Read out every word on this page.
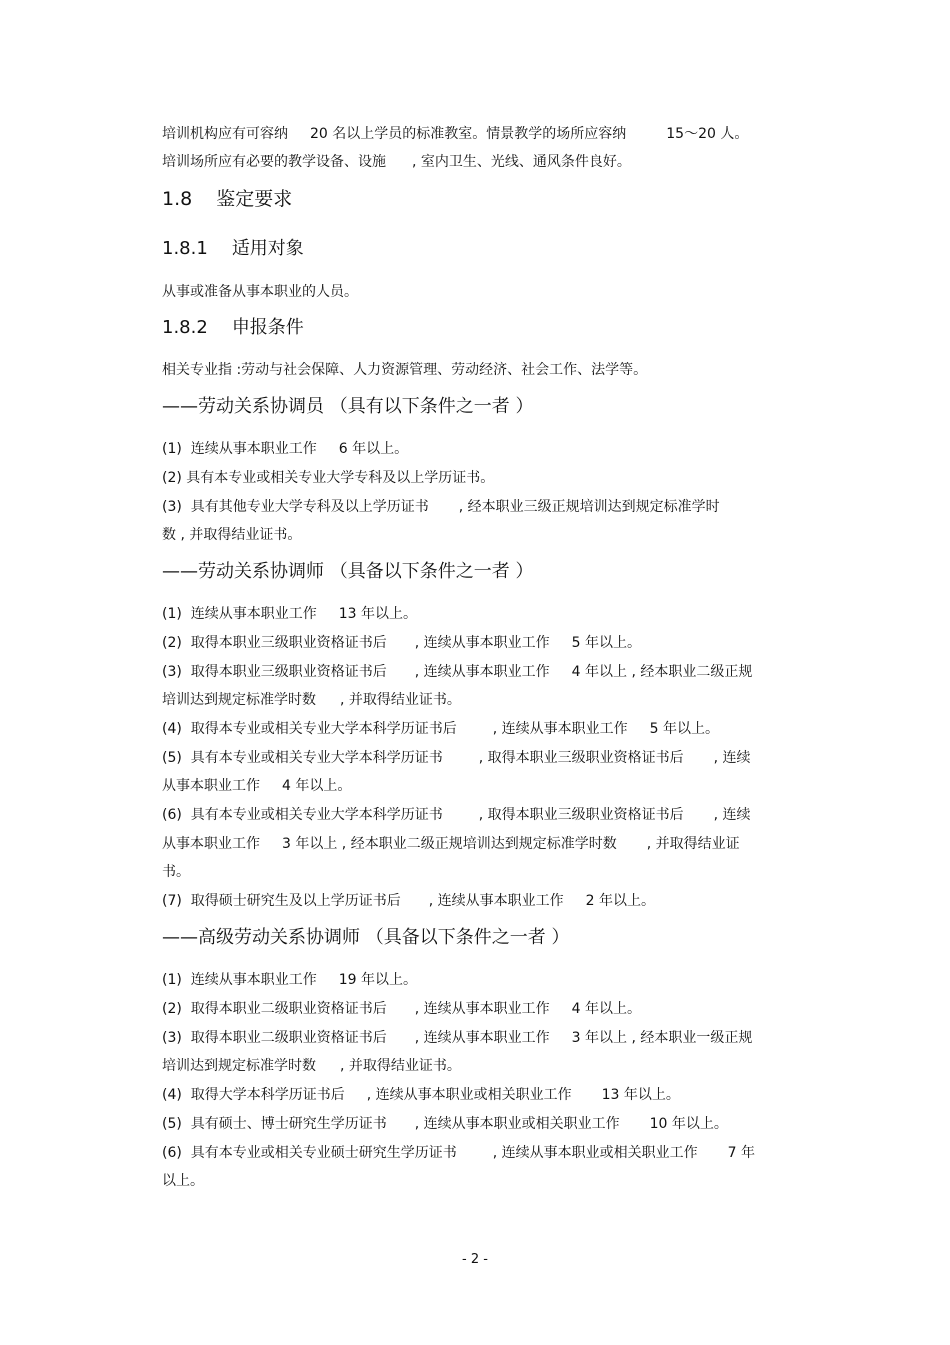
培训机构应有可容纳 20 名以上学员的标准教室。情景教学的场所应容纳	15～20 人。
培训场所应有必要的教学设备、设施 , 室内卫生、光线、通风条件良好。
1.8 鉴定要求
1.8.1 适用对象
从事或准备从事本职业的人员。
1.8.2 申报条件
相关专业指 :劳动与社会保障、人力资源管理、劳动经济、社会工作、法学等。
——劳动关系协调员 （具有以下条件之一者 ）
(1)  连续从事本职业工作 6 年以上。
(2) 具有本专业或相关专业大学专科及以上学历证书。
(3)  具有其他专业大学专科及以上学历证书 , 经本职业三级正规培训达到规定标准学时
数 , 并取得结业证书。
——劳动关系协调师 （具备以下条件之一者 ）
(1)  连续从事本职业工作 13 年以上。
(2)  取得本职业三级职业资格证书后 , 连续从事本职业工作 5 年以上。
(3)  取得本职业三级职业资格证书后 , 连续从事本职业工作 4 年以上 , 经本职业二级正规
培训达到规定标准学时数 , 并取得结业证书。
(4)  取得本专业或相关专业大学本科学历证书后	, 连续从事本职业工作 5 年以上。
(5)  具有本专业或相关专业大学本科学历证书	, 取得本职业三级职业资格证书后 , 连续
从事本职业工作 4 年以上。
(6)  具有本专业或相关专业大学本科学历证书	, 取得本职业三级职业资格证书后 , 连续
从事本职业工作 3 年以上 , 经本职业二级正规培训达到规定标准学时数 , 并取得结业证
书。
(7)  取得硕士研究生及以上学历证书后 , 连续从事本职业工作 2 年以上。
——高级劳动关系协调师 （具备以下条件之一者 ）
(1)  连续从事本职业工作 19 年以上。
(2)  取得本职业二级职业资格证书后 , 连续从事本职业工作 4 年以上。
(3)  取得本职业二级职业资格证书后 , 连续从事本职业工作 3 年以上 , 经本职业一级正规
培训达到规定标准学时数 , 并取得结业证书。
(4)  取得大学本科学历证书后 , 连续从事本职业或相关职业工作 13 年以上。
(5)  具有硕士、博士研究生学历证书 , 连续从事本职业或相关职业工作 10 年以上。
(6)  具有本专业或相关专业硕士研究生学历证书	, 连续从事本职业或相关职业工作 7 年
以上。
- 2 -
